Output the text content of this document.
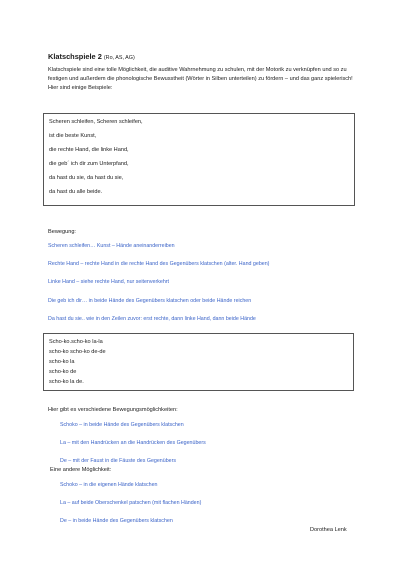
Klatschspiele 2 (Ro, AS, AG)
Klatschspiele sind eine tolle Möglichkeit, die auditive Wahrnehmung zu schulen, mit der Motorik zu verknüpfen und so zu festigen und außerdem die phonologische Bewusstheit (Wörter in Silben unterteilen) zu fördern – und das ganz spielerisch! Hier sind einige Beispiele:
Scheren schleifen, Scheren schleifen,
ist die beste Kunst,
die rechte Hand, die linke Hand,
die geb´ ich dir zum Unterpfand,
da hast du sie, da hast du sie,
da hast du alle beide.
Bewegung:
Scheren schleifen… Kunst – Hände aneinanderreiben
Rechte Hand – rechte Hand in die rechte Hand des Gegenübers klatschen (alter. Hand geben)
Linke Hand – siehe rechte Hand, nur seitenverkehrt
Die geb ich dir… in beide Hände des Gegenübers klatschen oder beide Hände reichen
Da hast du sie.. wie in den Zeilen zuvor: erst rechte, dann linke Hand, dann beide Hände
Scho-ko.scho-ko la-la
scho-ko scho-ko de-de
scho-ko la
scho-ko de
scho-ko la de.
Hier gibt es verschiedene Bewegungsmöglichkeiten:
Schoko – in beide Hände des Gegenübers klatschen
La – mit den Handrücken an die Handrücken des Gegenübers
De – mit der Faust in die Fäuste des Gegenübers
Eine andere Möglichkeit:
Schoko – in die eigenen Hände klatschen
La – auf beide Oberschenkel patschen (mit flachen Händen)
De – in beide Hände des Gegenübers klatschen
Dorothea Lenk
